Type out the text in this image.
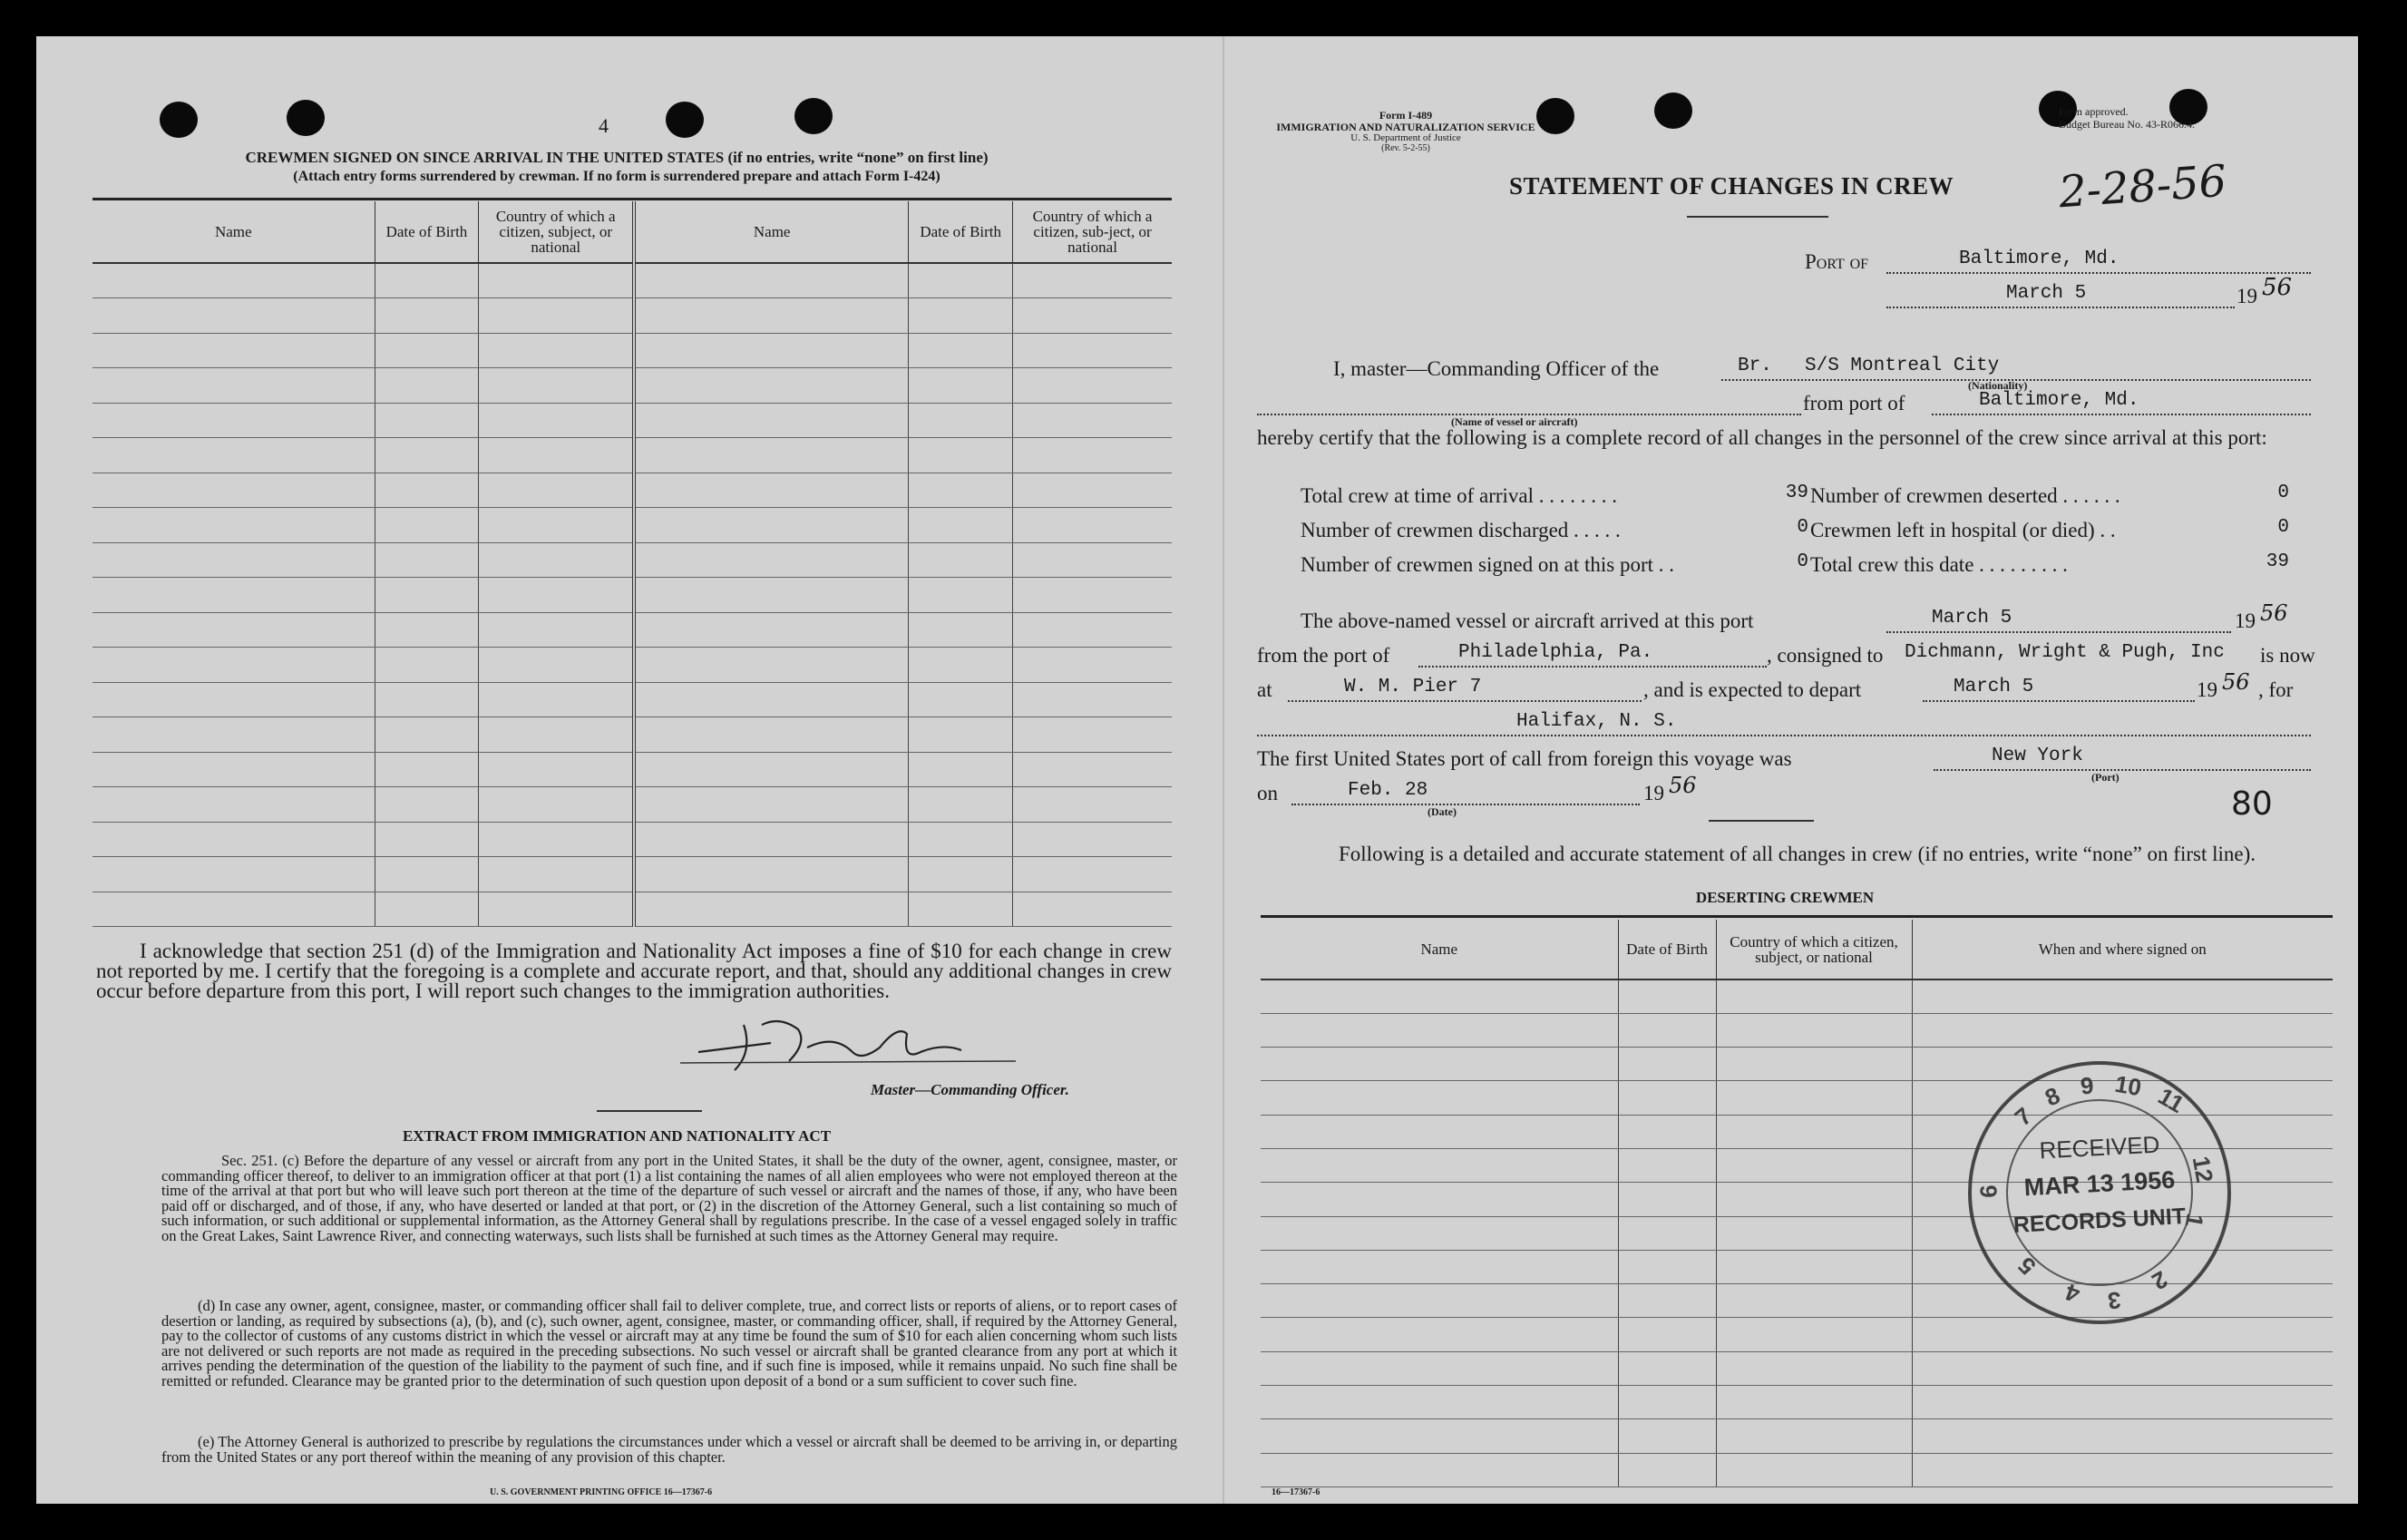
4
CREWMEN SIGNED ON SINCE ARRIVAL IN THE UNITED STATES (if no entries, write “none” on first line)
(Attach entry forms surrendered by crewman. If no form is surrendered prepare and attach Form I-424)
Name	Date of Birth	Country of which a citizen, subject, or national	Name	Date of Birth	Country of which a citizen, sub-ject, or national

I acknowledge that section 251 (d) of the Immigration and Nationality Act imposes a fine of $10 for each change in crew not reported by me. I certify that the foregoing is a complete and accurate report, and that, should any additional changes in crew occur before departure from this port, I will report such changes to the immigration authorities.
Master—Commanding Officer.
EXTRACT FROM IMMIGRATION AND NATIONALITY ACT
Sec. 251. (c) Before the departure of any vessel or aircraft from any port in the United States, it shall be the duty of the owner, agent, consignee, master, or commanding officer thereof, to deliver to an immigration officer at that port (1) a list containing the names of all alien employees who were not employed thereon at the time of the arrival at that port but who will leave such port thereon at the time of the departure of such vessel or aircraft and the names of those, if any, who have been paid off or discharged, and of those, if any, who have deserted or landed at that port, or (2) in the discretion of the Attorney General, such a list containing so much of such information, or such additional or supplemental information, as the Attorney General shall by regulations prescribe. In the case of a vessel engaged solely in traffic on the Great Lakes, Saint Lawrence River, and connecting waterways, such lists shall be furnished at such times as the Attorney General may require.
(d) In case any owner, agent, consignee, master, or commanding officer shall fail to deliver complete, true, and correct lists or reports of aliens, or to report cases of desertion or landing, as required by subsections (a), (b), and (c), such owner, agent, consignee, master, or commanding officer, shall, if required by the Attorney General, pay to the collector of customs of any customs district in which the vessel or aircraft may at any time be found the sum of $10 for each alien concerning whom such lists are not delivered or such reports are not made as required in the preceding subsections. No such vessel or aircraft shall be granted clearance from any port at which it arrives pending the determination of the question of the liability to the payment of such fine, and if such fine is imposed, while it remains unpaid. No such fine shall be remitted or refunded. Clearance may be granted prior to the determination of such question upon deposit of a bond or a sum sufficient to cover such fine.
(e) The Attorney General is authorized to prescribe by regulations the circumstances under which a vessel or aircraft shall be deemed to be arriving in, or departing from the United States or any port thereof within the meaning of any provision of this chapter.
U. S. GOVERNMENT PRINTING OFFICE 16—17367-6
Form I-489
IMMIGRATION AND NATURALIZATION SERVICE
U. S. Department of Justice
(Rev. 5-2-55)
Form approved.
Budget Bureau No. 43-R066.4.
STATEMENT OF CHANGES IN CREW 2-28-56
Port of	Baltimore, Md.
March 5	19 56
I, master—Commanding Officer of the	Br. S/S Montreal City
(Nationality)
(Name of vessel or aircraft)
from port of	Baltimore, Md.
hereby certify that the following is a complete record of all changes in the personnel of the crew since arrival at this port:
Total crew at time of arrival . . . . . . . .	39 Number of crewmen deserted . . . . . .	0
Number of crewmen discharged . . . . .	0 Crewmen left in hospital (or died) . .	0
Number of crewmen signed on at this port . .	0 Total crew this date . . . . . . . . .	39
The above-named vessel or aircraft arrived at this port	March 5	19 56
from the port of	Philadelphia, Pa.	, consigned to Dichmann, Wright & Pugh, Inc is now
at	W. M. Pier 7	, and is expected to depart	March 5	19 56 , for
Halifax, N. S.
The first United States port of call from foreign this voyage was	New York
(Port)
on	Feb. 28	19 56
(Date)	80
Following is a detailed and accurate statement of all changes in crew (if no entries, write “none” on first line).
DESERTING CREWMEN
Name	Date of Birth	Country of which a citizen, subject, or national	When and where signed on

16—17367-6
RECEIVED
MAR 13 1956
RECORDS UNIT
7
8 9 10 11
12
1
2
3
4
5
6
